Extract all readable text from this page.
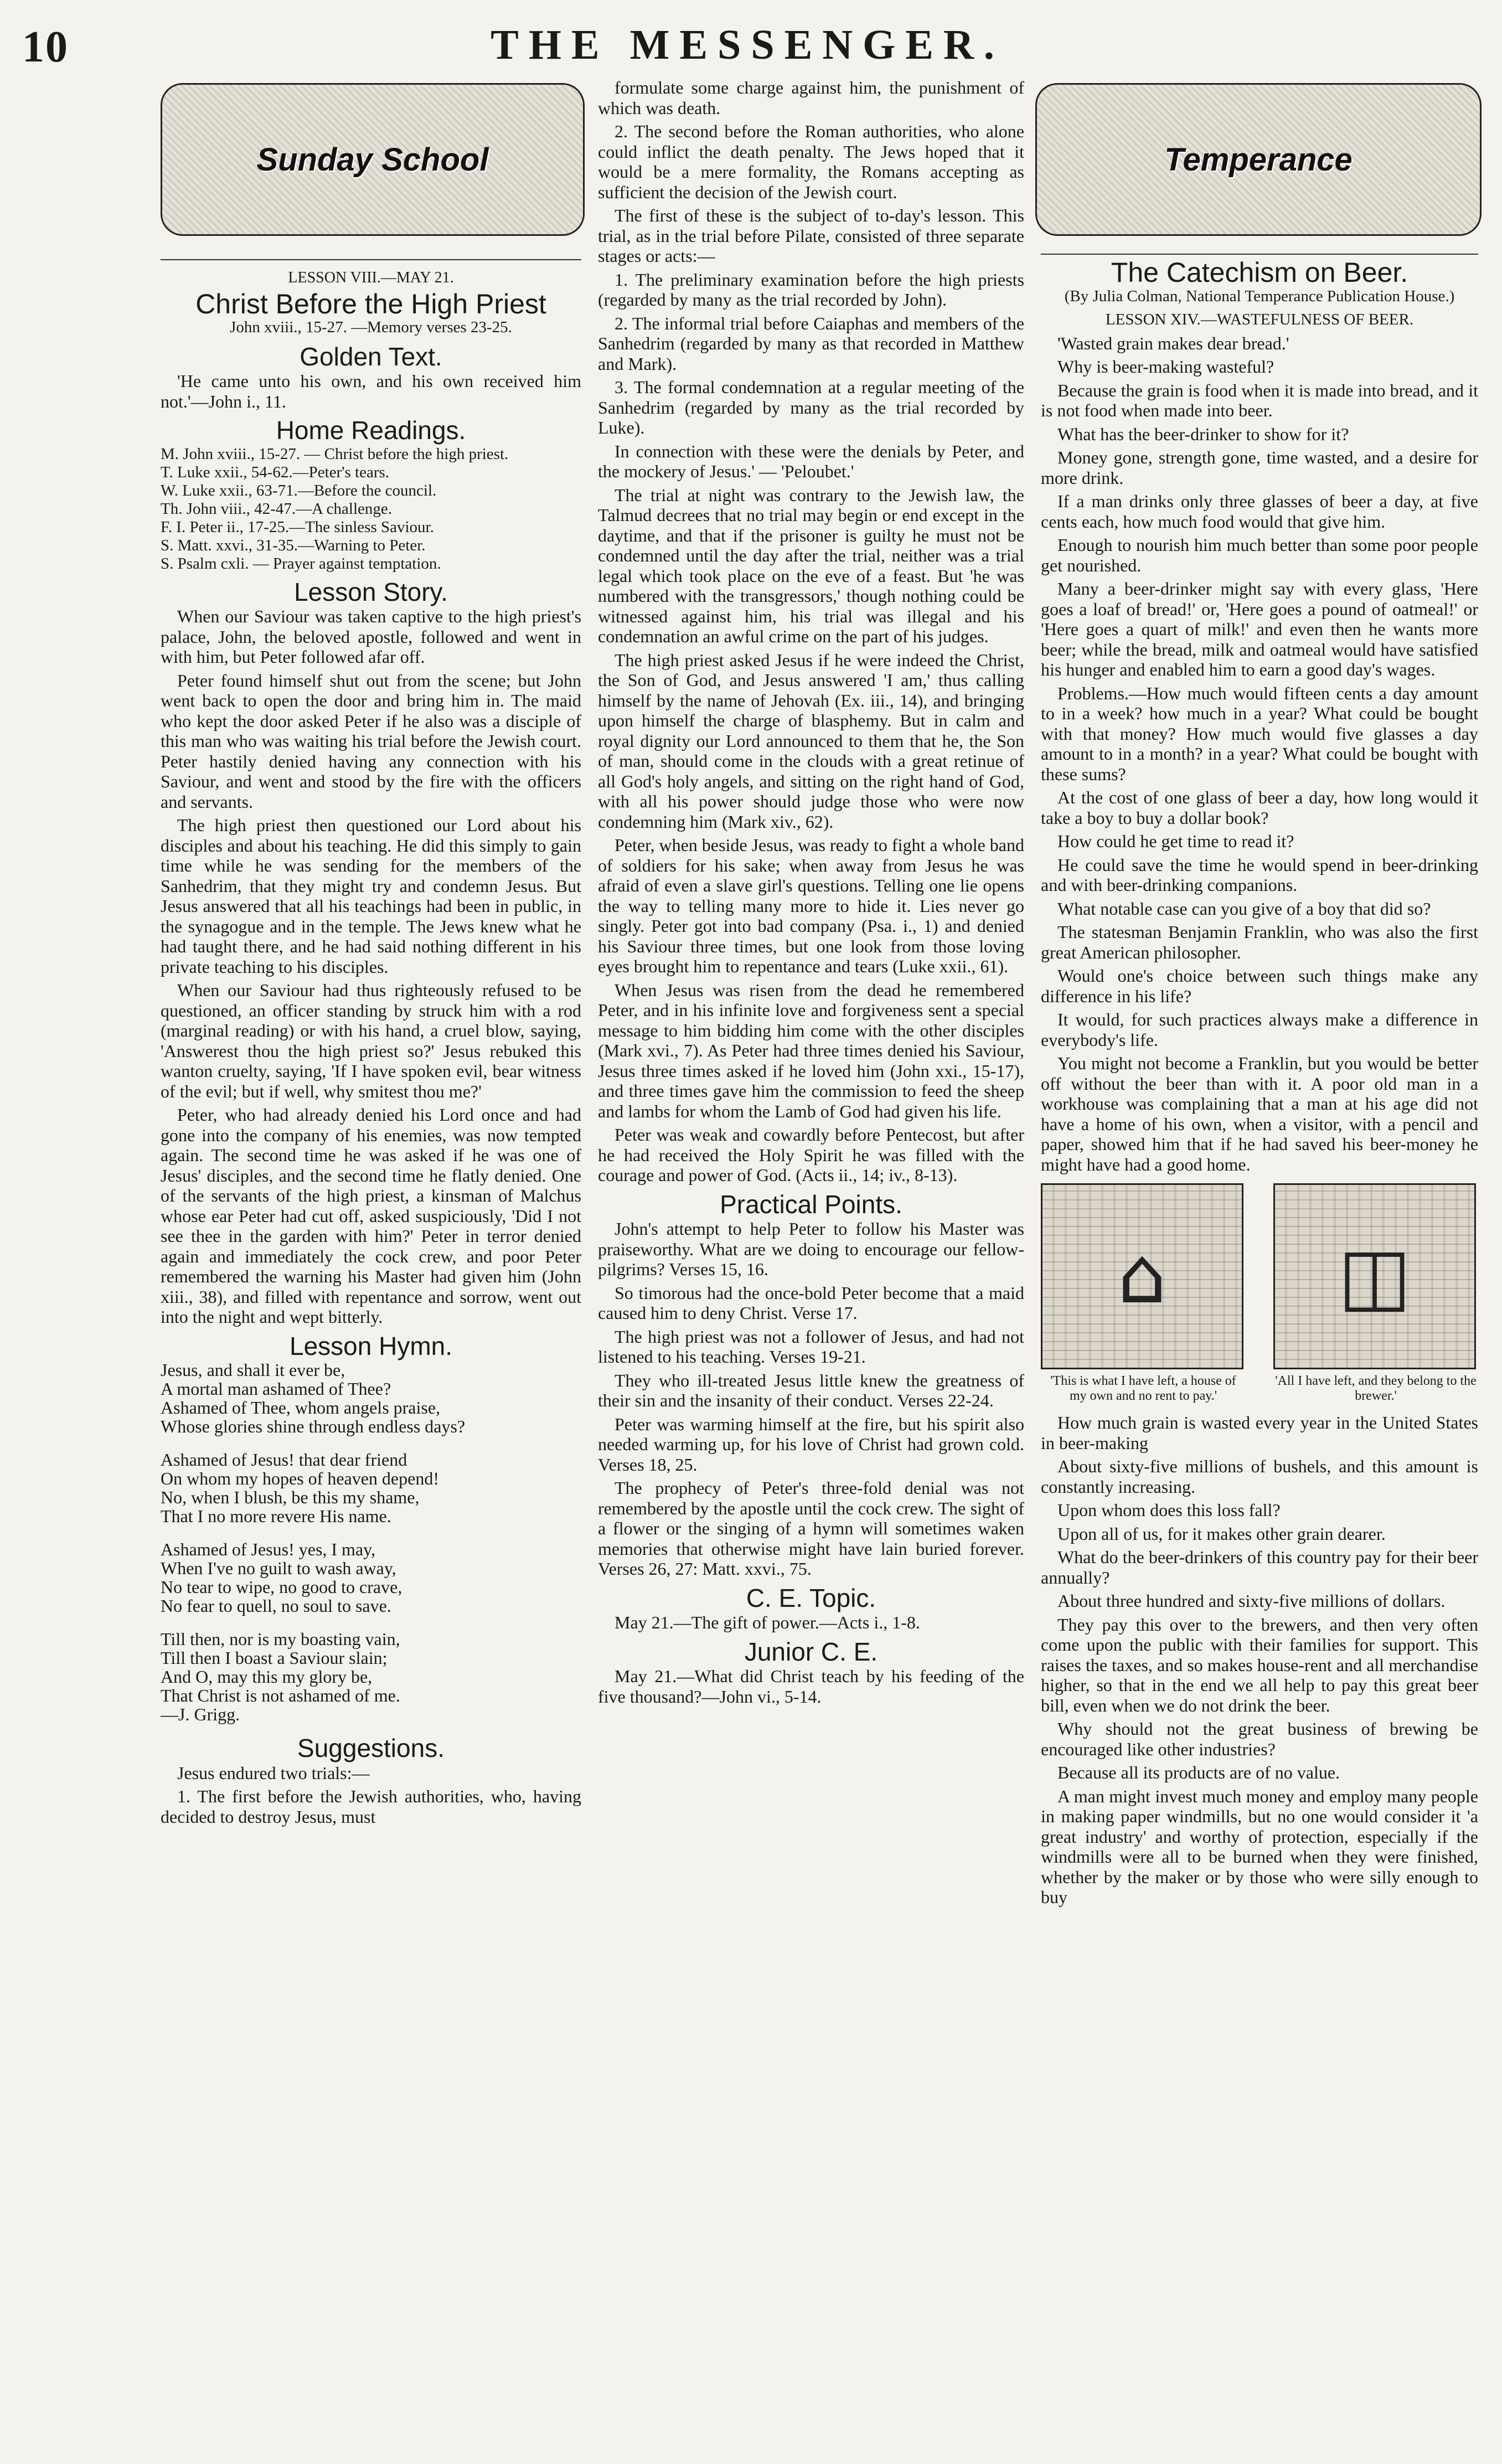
10	THE MESSENGER.
Sunday School	Temperance
LESSON VIII.—MAY 21.
Christ Before the High Priest
John xviii., 15-27. —Memory verses 23-25.
Golden Text.

'He came unto his own, and his own received him not.'—John i., 11.

Home Readings.

M. John xviii., 15-27. — Christ before the high priest.

T. Luke xxii., 54-62.—Peter's tears.

W. Luke xxii., 63-71.—Before the council.

Th. John viii., 42-47.—A challenge.

F. I. Peter ii., 17-25.—The sinless Saviour.

S. Matt. xxvi., 31-35.—Warning to Peter.

S. Psalm cxli. — Prayer against temptation.

Lesson Story.

When our Saviour was taken captive to the high priest's palace, John, the beloved apostle, followed and went in with him, but Peter followed afar off.

Peter found himself shut out from the scene; but John went back to open the door and bring him in. The maid who kept the door asked Peter if he also was a disciple of this man who was waiting his trial before the Jewish court. Peter hastily denied having any connection with his Saviour, and went and stood by the fire with the officers and servants.

The high priest then questioned our Lord about his disciples and about his teaching. He did this simply to gain time while he was sending for the members of the Sanhedrim, that they might try and condemn Jesus. But Jesus answered that all his teachings had been in public, in the synagogue and in the temple. The Jews knew what he had taught there, and he had said nothing different in his private teaching to his disciples.

When our Saviour had thus righteously refused to be questioned, an officer standing by struck him with a rod (marginal reading) or with his hand, a cruel blow, saying, 'Answerest thou the high priest so?' Jesus rebuked this wanton cruelty, saying, 'If I have spoken evil, bear witness of the evil; but if well, why smitest thou me?'

Peter, who had already denied his Lord once and had gone into the company of his enemies, was now tempted again. The second time he was asked if he was one of Jesus' disciples, and the second time he flatly denied. One of the servants of the high priest, a kinsman of Malchus whose ear Peter had cut off, asked suspiciously, 'Did I not see thee in the garden with him?' Peter in terror denied again and immediately the cock crew, and poor Peter remembered the warning his Master had given him (John xiii., 38), and filled with repentance and sorrow, went out into the night and wept bitterly.

Lesson Hymn.
Jesus, and shall it ever be,
A mortal man ashamed of Thee?
Ashamed of Thee, whom angels praise,
Whose glories shine through endless days?
Ashamed of Jesus! that dear friend
On whom my hopes of heaven depend!
No, when I blush, be this my shame,
That I no more revere His name.
Ashamed of Jesus! yes, I may,
When I've no guilt to wash away,
No tear to wipe, no good to crave,
No fear to quell, no soul to save.
Till then, nor is my boasting vain,
Till then I boast a Saviour slain;
And O, may this my glory be,
That Christ is not ashamed of me.
—J. Grigg.
Suggestions.

Jesus endured two trials:—

1. The first before the Jewish authorities, who, having decided to destroy Jesus, must

formulate some charge against him, the punishment of which was death.

2. The second before the Roman authorities, who alone could inflict the death penalty. The Jews hoped that it would be a mere formality, the Romans accepting as sufficient the decision of the Jewish court.

The first of these is the subject of to-day's lesson. This trial, as in the trial before Pilate, consisted of three separate stages or acts:—

1. The preliminary examination before the high priests (regarded by many as the trial recorded by John).

2. The informal trial before Caiaphas and members of the Sanhedrim (regarded by many as that recorded in Matthew and Mark).

3. The formal condemnation at a regular meeting of the Sanhedrim (regarded by many as the trial recorded by Luke).

In connection with these were the denials by Peter, and the mockery of Jesus.' — 'Peloubet.'

The trial at night was contrary to the Jewish law, the Talmud decrees that no trial may begin or end except in the daytime, and that if the prisoner is guilty he must not be condemned until the day after the trial, neither was a trial legal which took place on the eve of a feast. But 'he was numbered with the transgressors,' though nothing could be witnessed against him, his trial was illegal and his condemnation an awful crime on the part of his judges.

The high priest asked Jesus if he were indeed the Christ, the Son of God, and Jesus answered 'I am,' thus calling himself by the name of Jehovah (Ex. iii., 14), and bringing upon himself the charge of blasphemy. But in calm and royal dignity our Lord announced to them that he, the Son of man, should come in the clouds with a great retinue of all God's holy angels, and sitting on the right hand of God, with all his power should judge those who were now condemning him (Mark xiv., 62).

Peter, when beside Jesus, was ready to fight a whole band of soldiers for his sake; when away from Jesus he was afraid of even a slave girl's questions. Telling one lie opens the way to telling many more to hide it. Lies never go singly. Peter got into bad company (Psa. i., 1) and denied his Saviour three times, but one look from those loving eyes brought him to repentance and tears (Luke xxii., 61).

When Jesus was risen from the dead he remembered Peter, and in his infinite love and forgiveness sent a special message to him bidding him come with the other disciples (Mark xvi., 7). As Peter had three times denied his Saviour, Jesus three times asked if he loved him (John xxi., 15-17), and three times gave him the commission to feed the sheep and lambs for whom the Lamb of God had given his life.

Peter was weak and cowardly before Pentecost, but after he had received the Holy Spirit he was filled with the courage and power of God. (Acts ii., 14; iv., 8-13).

Practical Points.

John's attempt to help Peter to follow his Master was praiseworthy. What are we doing to encourage our fellow-pilgrims? Verses 15, 16.

So timorous had the once-bold Peter become that a maid caused him to deny Christ. Verse 17.

The high priest was not a follower of Jesus, and had not listened to his teaching. Verses 19-21.

They who ill-treated Jesus little knew the greatness of their sin and the insanity of their conduct. Verses 22-24.

Peter was warming himself at the fire, but his spirit also needed warming up, for his love of Christ had grown cold. Verses 18, 25.

The prophecy of Peter's three-fold denial was not remembered by the apostle until the cock crew. The sight of a flower or the singing of a hymn will sometimes waken memories that otherwise might have lain buried forever. Verses 26, 27: Matt. xxvi., 75.

C. E. Topic.

May 21.—The gift of power.—Acts i., 1-8.

Junior C. E.

May 21.—What did Christ teach by his feeding of the five thousand?—John vi., 5-14.

The Catechism on Beer.
(By Julia Colman, National Temperance Publication House.)
LESSON XIV.—WASTEFULNESS OF BEER.

'Wasted grain makes dear bread.'

Why is beer-making wasteful?

Because the grain is food when it is made into bread, and it is not food when made into beer.

What has the beer-drinker to show for it?

Money gone, strength gone, time wasted, and a desire for more drink.

If a man drinks only three glasses of beer a day, at five cents each, how much food would that give him.

Enough to nourish him much better than some poor people get nourished.

Many a beer-drinker might say with every glass, 'Here goes a loaf of bread!' or, 'Here goes a pound of oatmeal!' or 'Here goes a quart of milk!' and even then he wants more beer; while the bread, milk and oatmeal would have satisfied his hunger and enabled him to earn a good day's wages.

Problems.—How much would fifteen cents a day amount to in a week? how much in a year? What could be bought with that money? How much would five glasses a day amount to in a month? in a year? What could be bought with these sums?

At the cost of one glass of beer a day, how long would it take a boy to buy a dollar book?

How could he get time to read it?

He could save the time he would spend in beer-drinking and with beer-drinking companions.

What notable case can you give of a boy that did so?

The statesman Benjamin Franklin, who was also the first great American philosopher.

Would one's choice between such things make any difference in his life?

It would, for such practices always make a difference in everybody's life.

You might not become a Franklin, but you would be better off without the beer than with it. A poor old man in a workhouse was complaining that a man at his age did not have a home of his own, when a visitor, with a pencil and paper, showed him that if he had saved his beer-money he might have had a good home.

⌂
'This is what I have left, a house of my own and no rent to pay.'
◫
'All I have left, and they belong to the brewer.'

How much grain is wasted every year in the United States in beer-making

About sixty-five millions of bushels, and this amount is constantly increasing.

Upon whom does this loss fall?

Upon all of us, for it makes other grain dearer.

What do the beer-drinkers of this country pay for their beer annually?

About three hundred and sixty-five millions of dollars.

They pay this over to the brewers, and then very often come upon the public with their families for support. This raises the taxes, and so makes house-rent and all merchandise higher, so that in the end we all help to pay this great beer bill, even when we do not drink the beer.

Why should not the great business of brewing be encouraged like other industries?

Because all its products are of no value.

A man might invest much money and employ many people in making paper windmills, but no one would consider it 'a great industry' and worthy of protection, especially if the windmills were all to be burned when they were finished, whether by the maker or by those who were silly enough to buy
